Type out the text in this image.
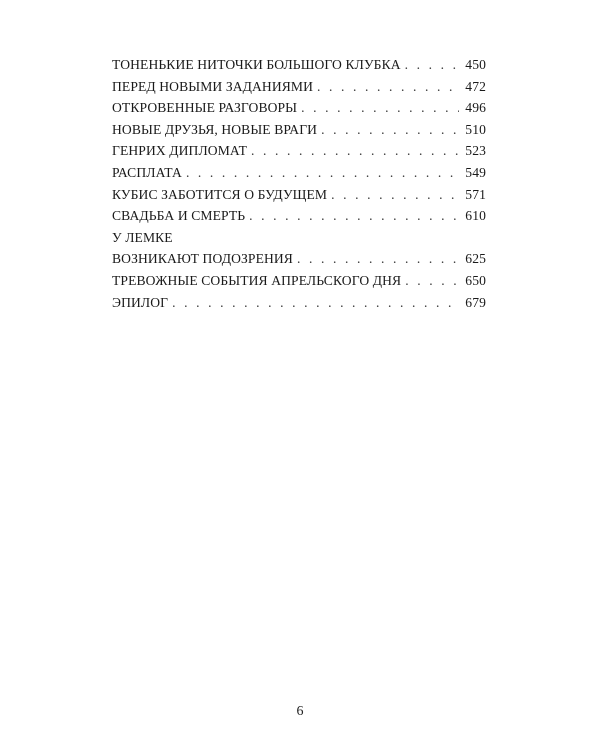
ТОНЕНЬКИЕ НИТОЧКИ БОЛЬШОГО КЛУБКА . . .	450
ПЕРЕД НОВЫМИ ЗАДАНИЯМИ . . .	472
ОТКРОВЕННЫЕ РАЗГОВОРЫ . . .	496
НОВЫЕ ДРУЗЬЯ, НОВЫЕ ВРАГИ . . .	510
ГЕНРИХ ДИПЛОМАТ . . .	523
РАСПЛАТА . . .	549
КУБИС ЗАБОТИТСЯ О БУДУЩЕМ . . .	571
СВАДЬБА И СМЕРТЬ . . .	610
У ЛЕМКЕ
ВОЗНИКАЮТ ПОДОЗРЕНИЯ . . .	625
ТРЕВОЖНЫЕ СОБЫТИЯ АПРЕЛЬСКОГО ДНЯ . . .	650
ЭПИЛОГ . . .	679
6
